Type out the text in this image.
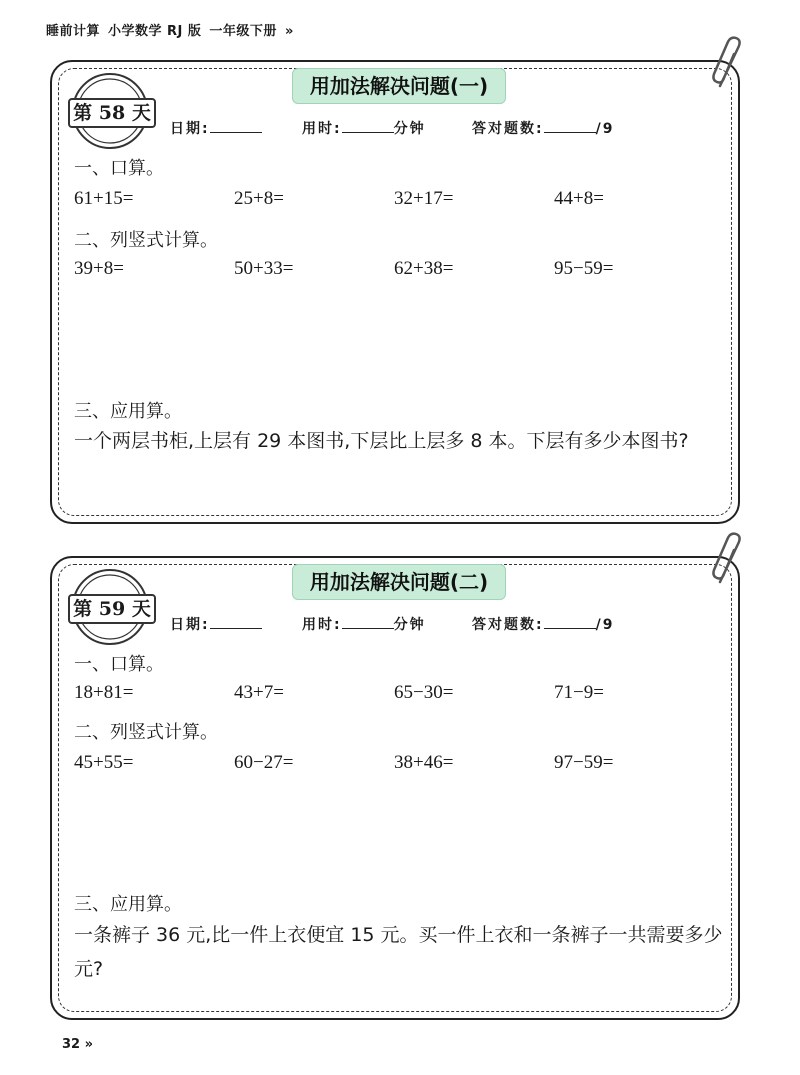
睡前计算 小学数学 RJ 版 一年级下册 »
用加法解决问题(一)
第 58 天
日期:	用时:	分钟	答对题数:	/9
一、口算。
61+15=	25+8=	32+17=	44+8=
二、列竖式计算。
39+8=	50+33=	62+38=	95−59=
三、应用算。
一个两层书柜,上层有 29 本图书,下层比上层多 8 本。下层有多少本图书?
用加法解决问题(二)
第 59 天
日期:	用时:	分钟	答对题数:	/9
一、口算。
18+81=	43+7=	65−30=	71−9=
二、列竖式计算。
45+55=	60−27=	38+46=	97−59=
三、应用算。
一条裤子 36 元,比一件上衣便宜 15 元。买一件上衣和一条裤子一共需要多少元?
32 »
